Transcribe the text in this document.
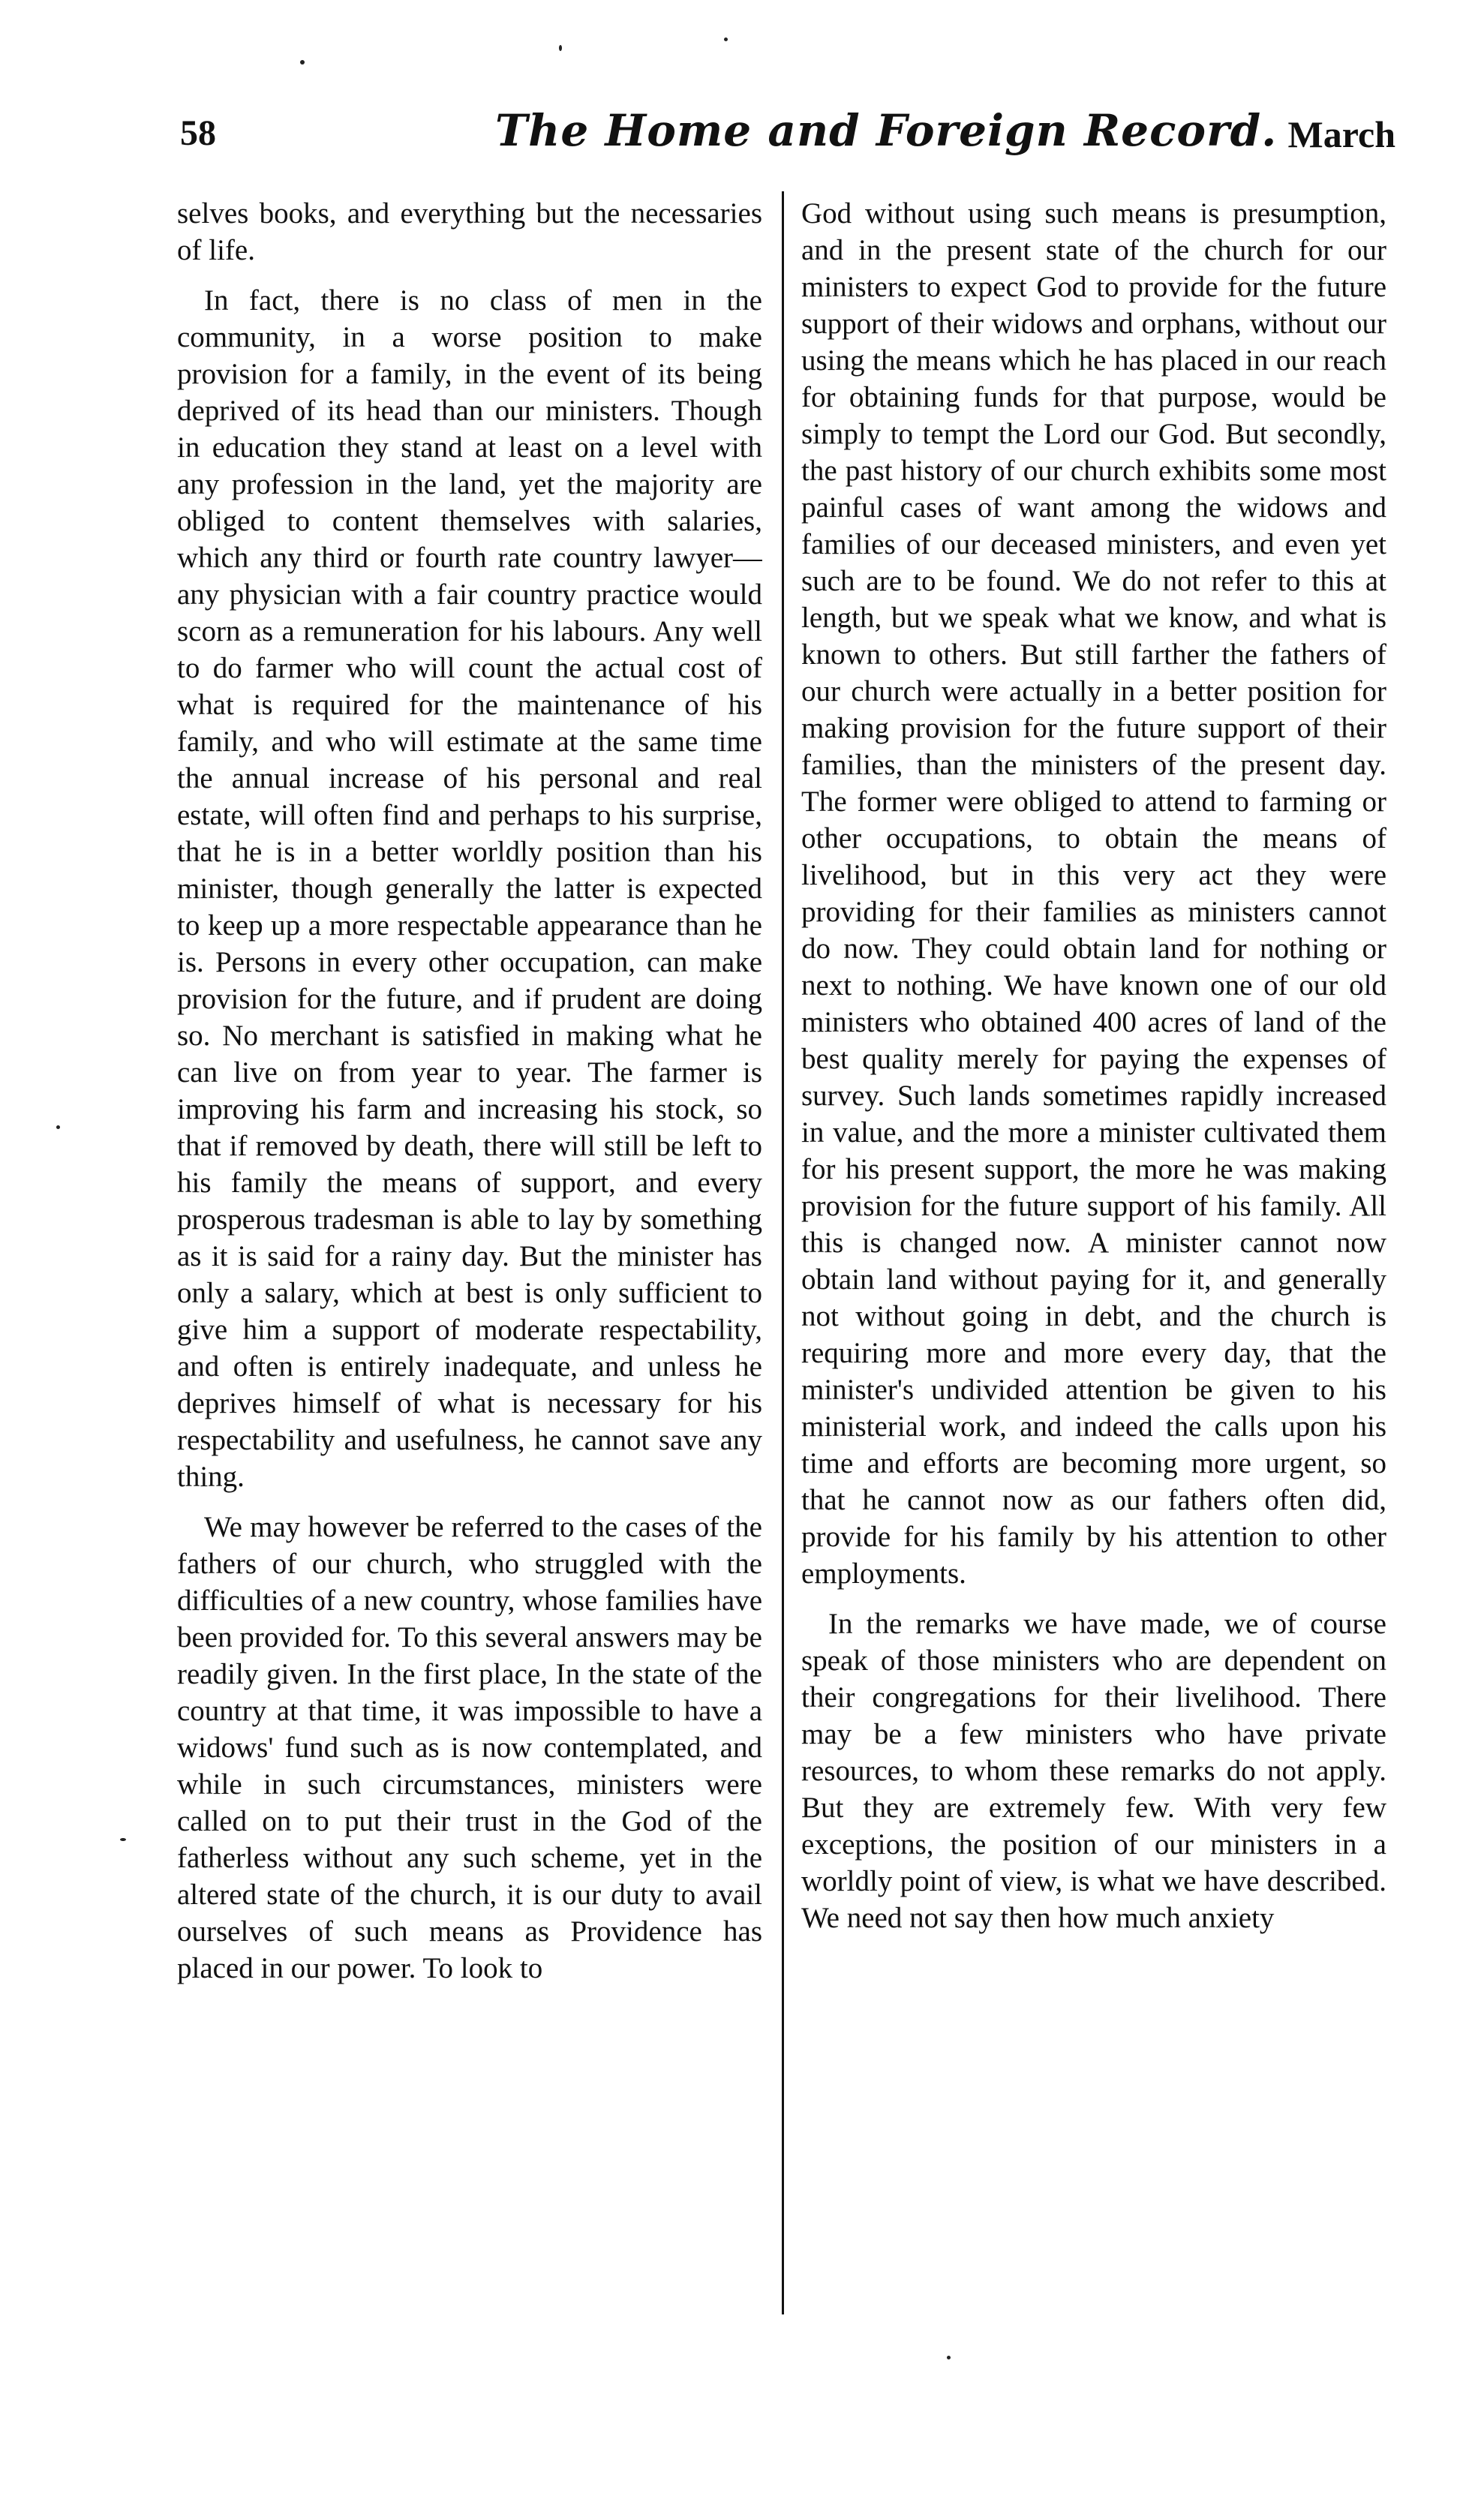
58	The Home and Foreign Record. March

selves books, and everything but the necessaries of life.

In fact, there is no class of men in the community, in a worse position to make provision for a family, in the event of its being deprived of its head than our ministers. Though in education they stand at least on a level with any profession in the land, yet the majority are obliged to content themselves with salaries, which any third or fourth rate country lawyer—any physician with a fair country practice would scorn as a remuneration for his labours. Any well to do farmer who will count the actual cost of what is required for the maintenance of his family, and who will estimate at the same time the annual increase of his personal and real estate, will often find and perhaps to his surprise, that he is in a better worldly position than his minister, though generally the latter is expected to keep up a more respectable appearance than he is. Persons in every other occupation, can make provision for the future, and if prudent are doing so. No merchant is satisfied in making what he can live on from year to year. The farmer is improving his farm and increasing his stock, so that if removed by death, there will still be left to his family the means of support, and every prosperous tradesman is able to lay by something as it is said for a rainy day. But the minister has only a salary, which at best is only sufficient to give him a support of moderate respectability, and often is entirely inadequate, and unless he deprives himself of what is necessary for his respectability and usefulness, he cannot save any thing.

We may however be referred to the cases of the fathers of our church, who struggled with the difficulties of a new country, whose families have been provided for. To this several answers may be readily given. In the first place, In the state of the country at that time, it was impossible to have a widows' fund such as is now contemplated, and while in such circumstances, ministers were called on to put their trust in the God of the fatherless without any such scheme, yet in the altered state of the church, it is our duty to avail ourselves of such means as Providence has placed in our power. To look to

God without using such means is presumption, and in the present state of the church for our ministers to expect God to provide for the future support of their widows and orphans, without our using the means which he has placed in our reach for obtaining funds for that purpose, would be simply to tempt the Lord our God. But secondly, the past history of our church exhibits some most painful cases of want among the widows and families of our deceased ministers, and even yet such are to be found. We do not refer to this at length, but we speak what we know, and what is known to others. But still farther the fathers of our church were actually in a better position for making provision for the future support of their families, than the ministers of the present day. The former were obliged to attend to farming or other occupations, to obtain the means of livelihood, but in this very act they were providing for their families as ministers cannot do now. They could obtain land for nothing or next to nothing. We have known one of our old ministers who obtained 400 acres of land of the best quality merely for paying the expenses of survey. Such lands sometimes rapidly increased in value, and the more a minister cultivated them for his present support, the more he was making provision for the future support of his family. All this is changed now. A minister cannot now obtain land without paying for it, and generally not without going in debt, and the church is requiring more and more every day, that the minister's undivided attention be given to his ministerial work, and indeed the calls upon his time and efforts are becoming more urgent, so that he cannot now as our fathers often did, provide for his family by his attention to other employments.

In the remarks we have made, we of course speak of those ministers who are dependent on their congregations for their livelihood. There may be a few ministers who have private resources, to whom these remarks do not apply. But they are extremely few. With very few exceptions, the position of our ministers in a worldly point of view, is what we have described. We need not say then how much anxiety
